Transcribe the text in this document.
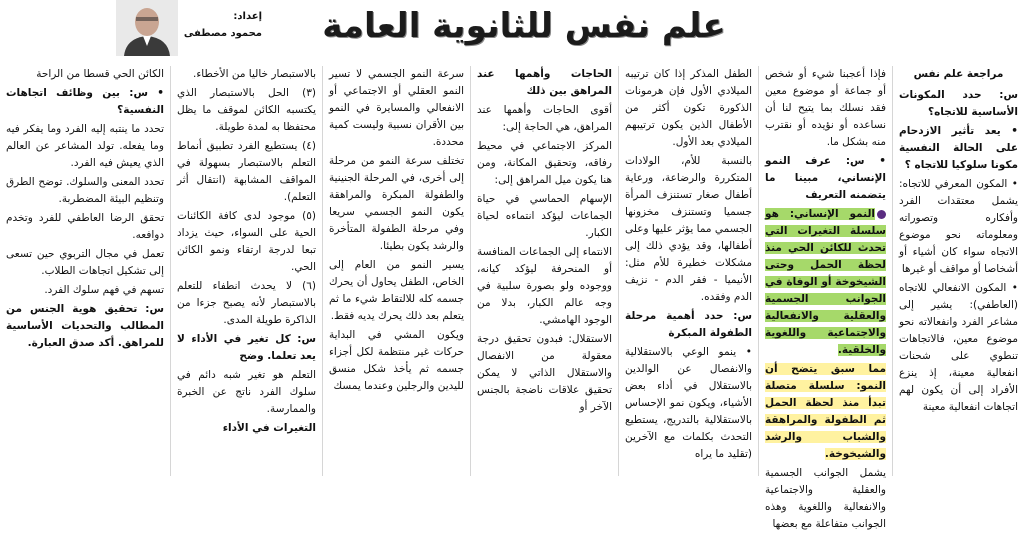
علم نفس للثانوية العامة
إعداد:
محمود مصطفى
مراجعة علم نفس

س: حدد المكونات الأساسية للاتجاه؟

• يعد تأثير الازدحام على الحالة النفسية مكونا سلوكيا للاتجاه ؟

• المكون المعرفي للاتجاه: يشمل معتقدات الفرد وأفكاره وتصوراته ومعلوماته نحو موضوع الاتجاه سواء كان أشياء أو أشخاصا أو مواقف أو غيرها

• المكون الانفعالي للاتجاه (العاطفي): يشير إلى مشاعر الفرد وانفعالاته نحو موضوع معين، فالاتجاهات تنطوي على شحنات انفعالية معينة، إذ ينزع الأفراد إلى أن يكون لهم اتجاهات انفعالية معينة

فإذا أعجبنا شيء أو شخص أو جماعة أو موضوع معين فقد نسلك بما يتيح لنا أن نساعده أو نؤيده أو نقترب منه بشكل ما.

• س: عرف النمو الإنساني، مبينا ما يتضمنه التعريف

النمو الإنساني: هو سلسلة التغيرات التي تحدث للكائن الحي منذ لحظة الحمل وحتى الشيخوخة أو الوفاة في الجوانب الجسمية والعقلية والانفعالية والاجتماعية واللغوية والخلقية.

مما سبق يتضح أن النمو: سلسلة متصلة تبدأ منذ لحظة الحمل ثم الطفولة والمراهقة والشباب والرشد والشيخوخة.

يشمل الجوانب الجسمية والعقلية والاجتماعية والانفعالية واللغوية وهذه الجوانب متفاعلة مع بعضها

الطفل المذكر إذا كان ترتيبه الميلادي الأول فإن هرمونات الذكورة تكون أكثر من الأطفال الذين يكون ترتيبهم الميلادي بعد الأول.

بالنسبة للأم، الولادات المتكررة والرضاعة، ورعاية أطفال صغار تستنزف المرأة جسميا وتستنزف مخزونها الجسمي مما يؤثر عليها وعلى أطفالها، وقد يؤدي ذلك إلى مشكلات خطيرة للأم مثل: الأنيميا - فقر الدم - نزيف الدم وفقده.

س: حدد أهمية مرحلة الطفولة المبكرة

• ينمو الوعي بالاستقلالية والانفصال عن الوالدين بالاستقلال في أداء بعض الأشياء، ويكون نمو الإحساس بالاستقلالية بالتدريج، يستطيع التحدث بكلمات مع الآخرين (تقليد ما يراه

الحاجات وأهمها عند المراهق بين ذلك

أقوى الحاجات وأهمها عند المراهق، هي الحاجة إلى:

المركز الاجتماعي في محيط رفاقه، وتحقيق المكانة، ومن هنا يكون ميل المراهق إلى:

الإسهام الحماسي في حياة الجماعات ليؤكد انتماءه لحياة الكبار.

الانتماء إلى الجماعات المنافسة أو المنحرفة ليؤكد كيانه، ووجوده ولو بصورة سلبية في وجه عالم الكبار، بدلا من الوجود الهامشي.

الاستقلال: فبدون تحقيق درجة معقولة من الانفصال والاستقلال الذاتي لا يمكن تحقيق علاقات ناضجة بالجنس الآخر أو

سرعة النمو الجسمي لا تسير النمو العقلي أو الاجتماعي أو الانفعالي والمسايرة في النمو بين الأقران نسبية وليست كمية محددة.

تختلف سرعة النمو من مرحلة إلى أخرى، في المرحلة الجنينية والطفولة المبكرة والمراهقة يكون النمو الجسمي سريعا وفي مرحلة الطفولة المتأخرة والرشد يكون بطيئا.

يسير النمو من العام إلى الخاص، الطفل يحاول أن يحرك جسمه كله للالتقاط شيء ما ثم يتعلم بعد ذلك يحرك يديه فقط.

ويكون المشي في البداية حركات غير منتظمة لكل أجزاء جسمه ثم يأخذ شكل منسق لليدين والرجلين وعندما يمسك

بالاستبصار خاليا من الأخطاء.

(٣) الحل بالاستبصار الذي يكتسبه الكائن لموقف ما يظل محتفظا به لمدة طويلة.

(٤) يستطيع الفرد تطبيق أنماط التعلم بالاستبصار بسهولة في المواقف المشابهة (انتقال أثر التعلم).

(٥) موجود لدى كافة الكائنات الحية على السواء، حيث يزداد تبعا لدرجة ارتقاء ونمو الكائن الحي.

(٦) لا يحدث انطفاء للتعلم بالاستبصار لأنه يصبح جزءا من الذاكرة طويلة المدى.

س: كل تغير في الأداء لا يعد تعلما. وضح

التعلم هو تغير شبه دائم في سلوك الفرد ناتج عن الخبرة والممارسة.

التغيرات في الأداء

الكائن الحي قسطا من الراحة

• س: بين وظائف اتجاهات النفسية؟

تحدد ما ينتبه إليه الفرد وما يفكر فيه وما يفعله. تولد المشاعر عن العالم الذي يعيش فيه الفرد.

تحدد المعنى والسلوك. توضح الطرق وتنظيم البيئة المضطربة.

تحقق الرضا العاطفي للفرد وتخدم دوافعه.

تعمل في مجال التربوي حين تسعى إلى تشكيل اتجاهات الطلاب.

تسهم في فهم سلوك الفرد.

س: تحقيق هوية الجنس من المطالب والتحديات الأساسية للمراهق. أكد صدق العبارة.
